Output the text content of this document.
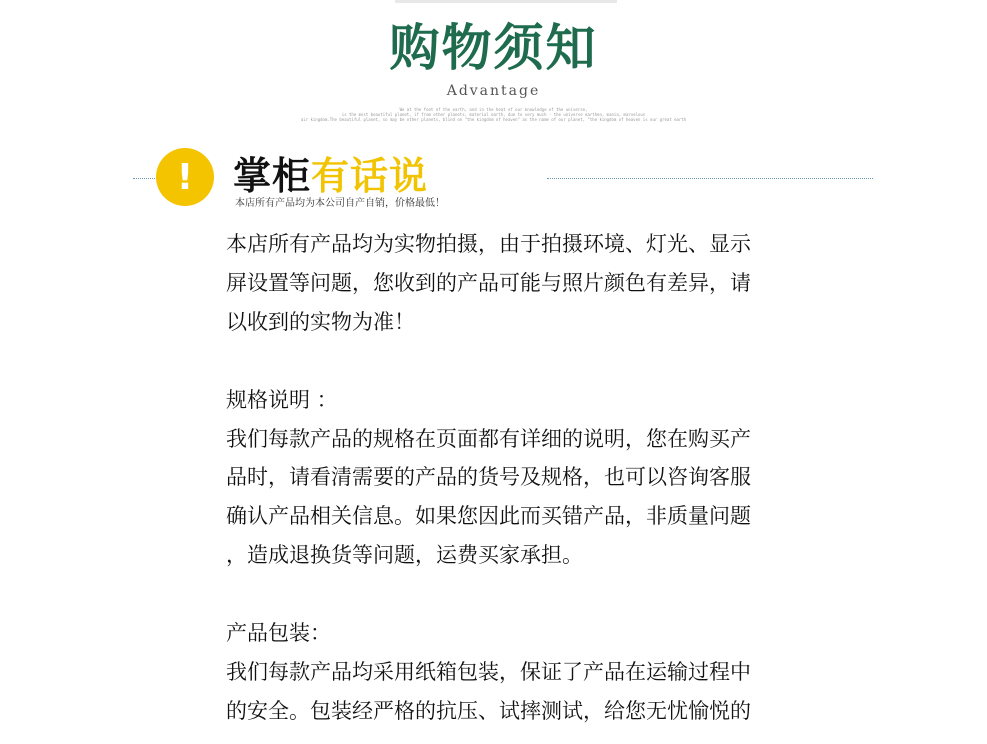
购物须知
Advantage
We at the foot of the earth, and in the heat of our knowledge of the universe,
is the most beautiful planet, if from other planets, material earth, due to very much - the universe earthen, mania, marvelous
air kingdom.The beautiful planet, so may be other planets, blind on "the kingdom of heaven" as the name of our planet, "the kingdom of heaven is our great earth
!	掌柜有话说
本店所有产品均为本公司自产自销，价格最低！
本店所有产品均为实物拍摄，由于拍摄环境、灯光、显示
屏设置等问题，您收到的产品可能与照片颜色有差异，请
以收到的实物为准！
规格说明 ：
我们每款产品的规格在页面都有详细的说明，您在购买产
品时，请看清需要的产品的货号及规格，也可以咨询客服
确认产品相关信息。如果您因此而买错产品，非质量问题
，造成退换货等问题，运费买家承担。
产品包装：
我们每款产品均采用纸箱包装，保证了产品在运输过程中
的安全。包装经严格的抗压、试摔测试，给您无忧愉悦的
